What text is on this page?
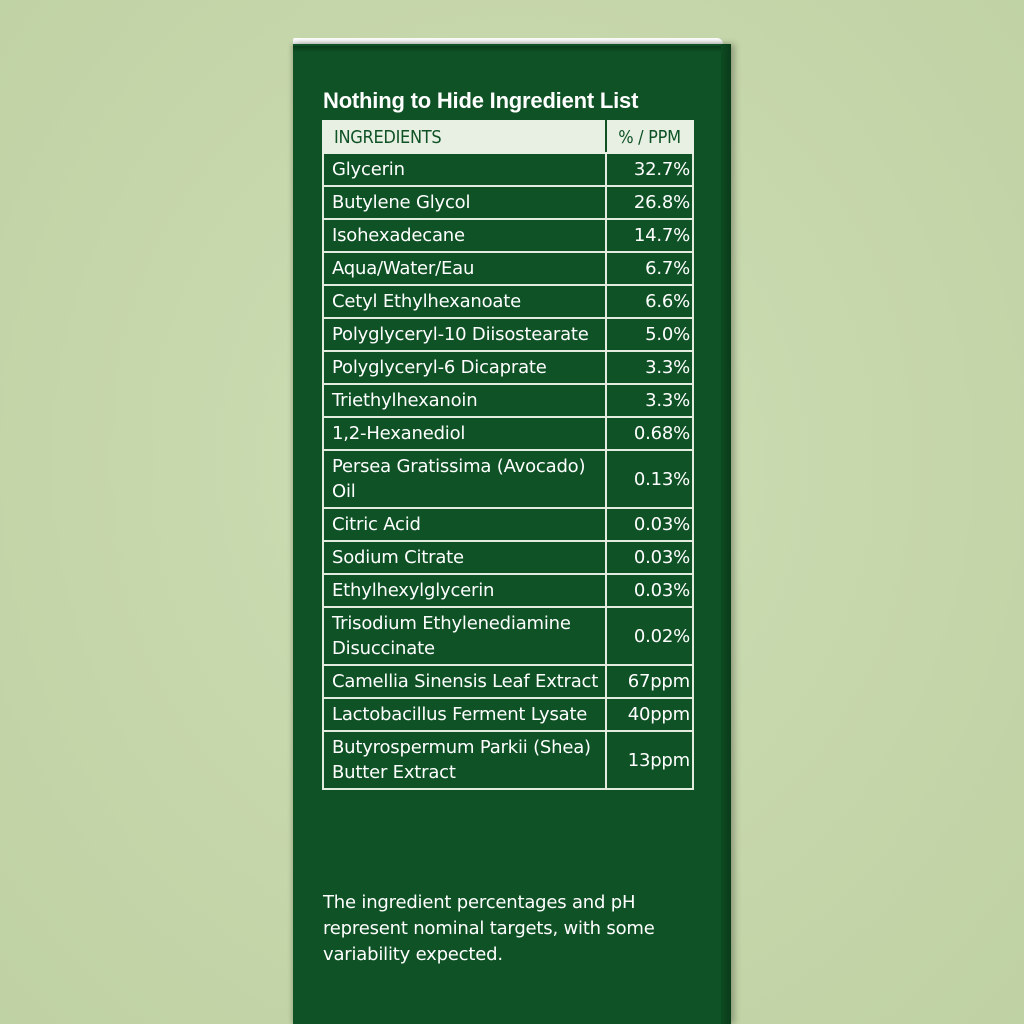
Nothing to Hide Ingredient List
INGREDIENTS	% / PPM
Glycerin	32.7%
Butylene Glycol	26.8%
Isohexadecane	14.7%
Aqua/Water/Eau	6.7%
Cetyl Ethylhexanoate	6.6%
Polyglyceryl-10 Diisostearate	5.0%
Polyglyceryl-6 Dicaprate	3.3%
Triethylhexanoin	3.3%
1,2-Hexanediol	0.68%
Persea Gratissima (Avocado) Oil	0.13%
Citric Acid	0.03%
Sodium Citrate	0.03%
Ethylhexylglycerin	0.03%
Trisodium Ethylenediamine Disuccinate	0.02%
Camellia Sinensis Leaf Extract	67ppm
Lactobacillus Ferment Lysate	40ppm
Butyrospermum Parkii (Shea) Butter Extract	13ppm
The ingredient percentages and pH represent nominal targets, with some variability expected.
